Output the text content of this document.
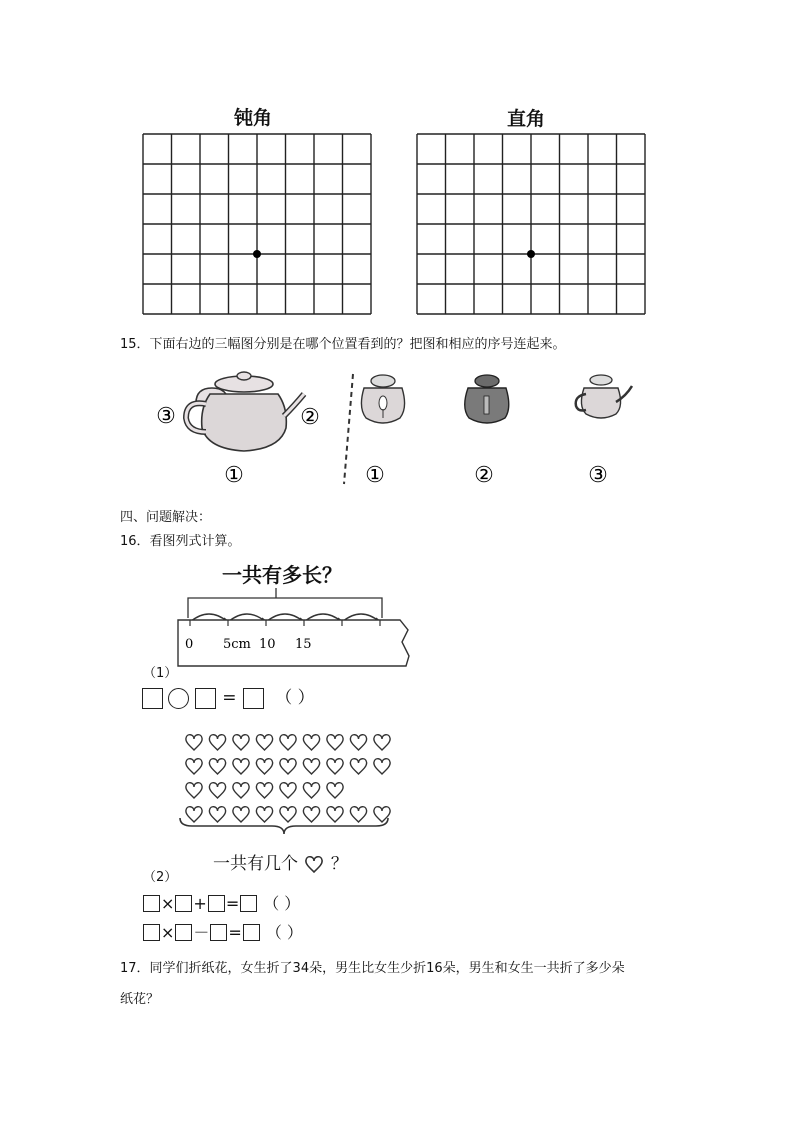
钝角	直角
15．下面右边的三幅图分别是在哪个位置看到的？把图和相应的序号连起来。
③	②
①	①	②	③
四、问题解决：
16．看图列式计算。
一共有多长？
0 5cm 10 15
（1）
= （ ）
一共有几个 ？
（2）
× + = （ ）
× － = （ ）
17．同学们折纸花，女生折了34朵，男生比女生少折16朵，男生和女生一共折了多少朵
纸花？
